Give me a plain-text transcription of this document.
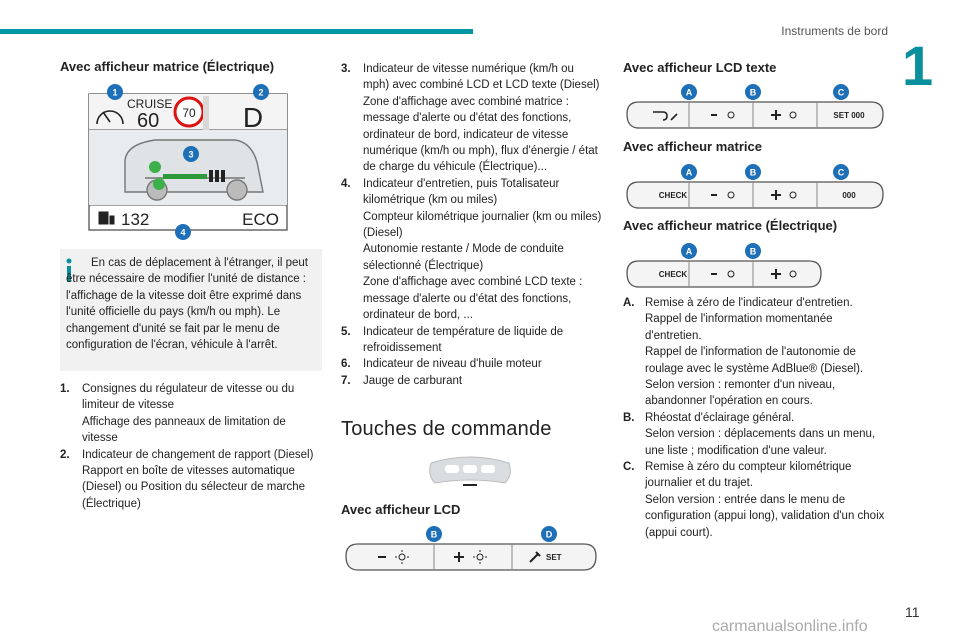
Instruments de bord
1
Avec afficheur matrice (Électrique)
CRUISE
60 70 D
132	ECO
1	2
3
4
En cas de déplacement à l'étranger, il peut être nécessaire de modifier l'unité de distance : l'affichage de la vitesse doit être exprimé dans l'unité officielle du pays (km/h ou mph). Le changement d'unité se fait par le menu de configuration de l'écran, véhicule à l'arrêt.
1. Consignes du régulateur de vitesse ou du limiteur de vitesse
Affichage des panneaux de limitation de vitesse
2. Indicateur de changement de rapport (Diesel)
Rapport en boîte de vitesses automatique (Diesel) ou Position du sélecteur de marche (Électrique)
3. Indicateur de vitesse numérique (km/h ou mph) avec combiné LCD et LCD texte (Diesel)
Zone d'affichage avec combiné matrice : message d'alerte ou d'état des fonctions, ordinateur de bord, indicateur de vitesse numérique (km/h ou mph), flux d'énergie / état de charge du véhicule (Électrique)...
4. Indicateur d'entretien, puis Totalisateur kilométrique (km ou miles)
Compteur kilométrique journalier (km ou miles) (Diesel)
Autonomie restante / Mode de conduite sélectionné (Électrique)
Zone d'affichage avec combiné LCD texte : message d'alerte ou d'état des fonctions, ordinateur de bord, ...
5. Indicateur de température de liquide de refroidissement
6. Indicateur de niveau d'huile moteur
7. Jauge de carburant
Touches de commande
Avec afficheur LCD
SET
B	D
Avec afficheur LCD texte
SET 000
A	B	C
Avec afficheur matrice
CHECK	000
A	B	C
Avec afficheur matrice (Électrique)
CHECK
A	B
A. Remise à zéro de l'indicateur d'entretien.
Rappel de l'information momentanée d'entretien.
Rappel de l'information de l'autonomie de roulage avec le système AdBlue® (Diesel).
Selon version : remonter d'un niveau, abandonner l'opération en cours.
B. Rhéostat d'éclairage général.
Selon version : déplacements dans un menu, une liste ; modification d'une valeur.
C. Remise à zéro du compteur kilométrique journalier et du trajet.
Selon version : entrée dans le menu de configuration (appui long), validation d'un choix (appui court).
11
carmanualsonline.info
